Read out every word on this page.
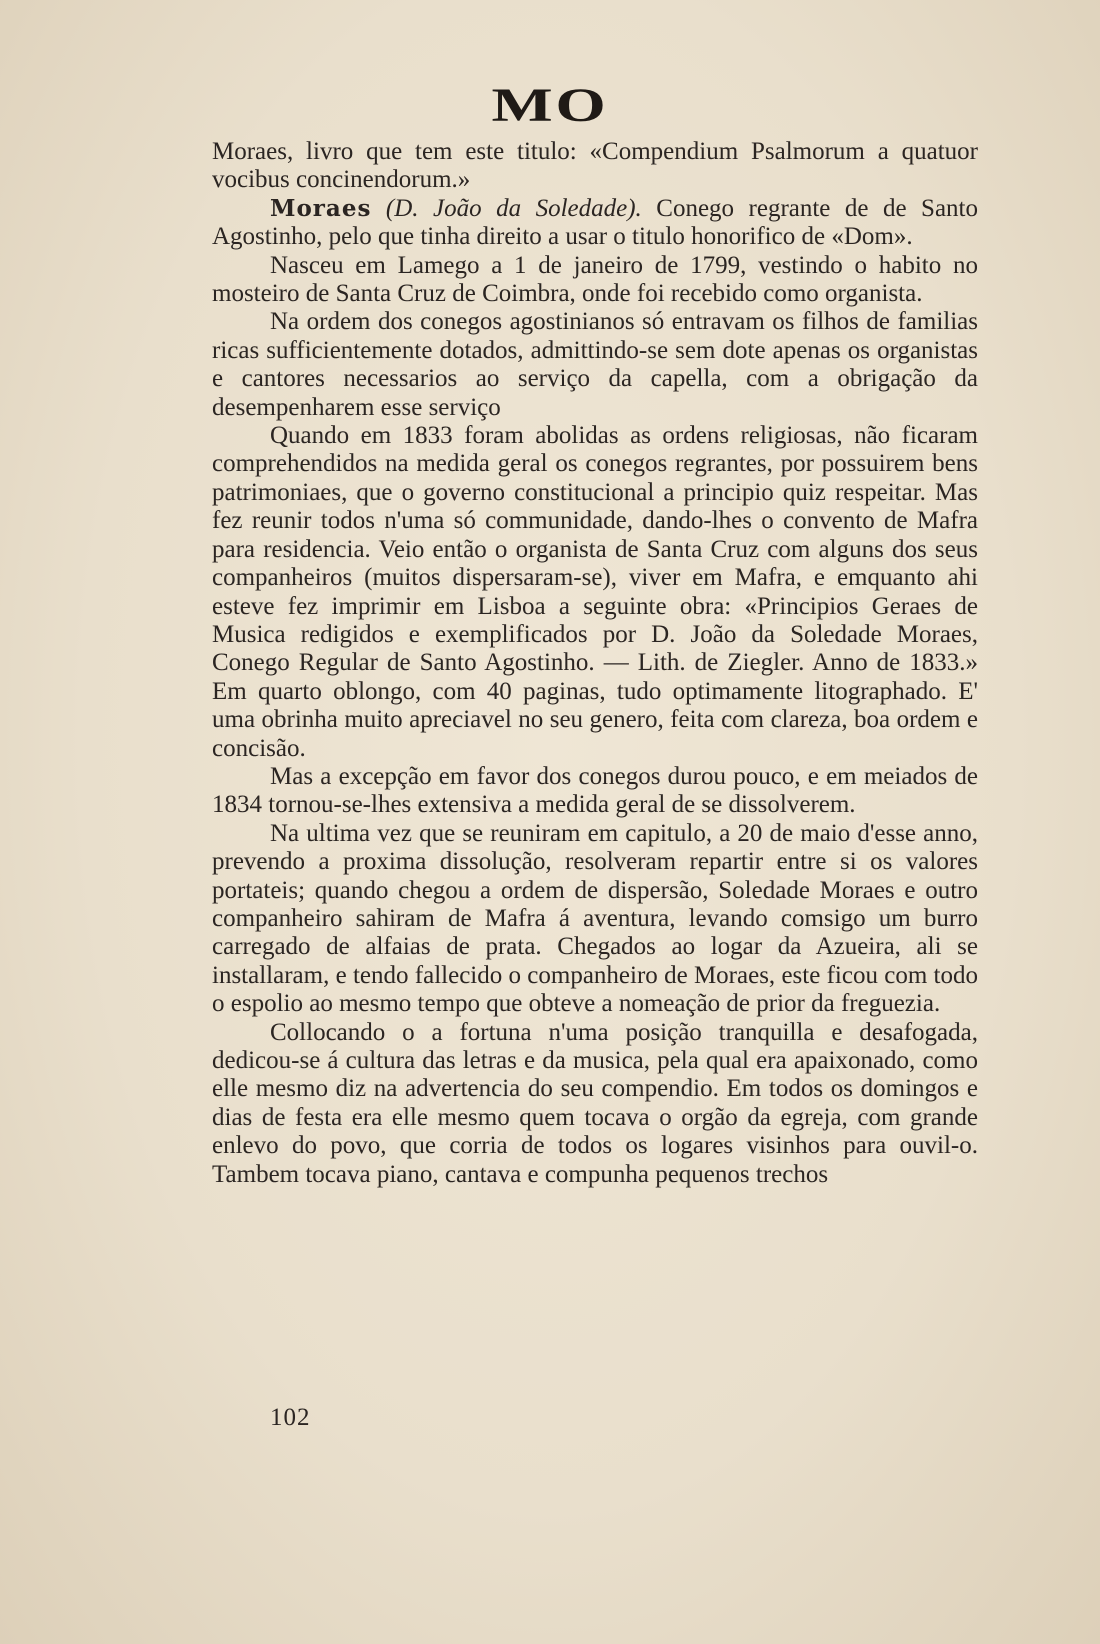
MO

Moraes, livro que tem este titulo: «Compendium Psalmorum a quatuor vocibus concinendorum.»

Moraes (D. João da Soledade). Conego regrante de de Santo Agostinho, pelo que tinha direito a usar o titulo honorifico de «Dom».

Nasceu em Lamego a 1 de janeiro de 1799, vestindo o habito no mosteiro de Santa Cruz de Coimbra, onde foi recebido como organista.

Na ordem dos conegos agostinianos só entravam os filhos de familias ricas sufficientemente dotados, admittindo-se sem dote apenas os organistas e cantores necessarios ao serviço da capella, com a obrigação da desempenharem esse serviço

Quando em 1833 foram abolidas as ordens religiosas, não ficaram comprehendidos na medida geral os conegos regrantes, por possuirem bens patrimoniaes, que o governo constitucional a principio quiz respeitar. Mas fez reunir todos n'uma só communidade, dando-lhes o convento de Mafra para residencia. Veio então o organista de Santa Cruz com alguns dos seus companheiros (muitos dispersaram-se), viver em Mafra, e emquanto ahi esteve fez imprimir em Lisboa a seguinte obra: «Principios Geraes de Musica redigidos e exemplificados por D. João da Soledade Moraes, Conego Regular de Santo Agostinho. — Lith. de Ziegler. Anno de 1833.» Em quarto oblongo, com 40 paginas, tudo optimamente litographado. E' uma obrinha muito apreciavel no seu genero, feita com clareza, boa ordem e concisão.

Mas a excepção em favor dos conegos durou pouco, e em meiados de 1834 tornou-se-lhes extensiva a medida geral de se dissolverem.

Na ultima vez que se reuniram em capitulo, a 20 de maio d'esse anno, prevendo a proxima dissolução, resolveram repartir entre si os valores portateis; quando chegou a ordem de dispersão, Soledade Moraes e outro companheiro sahiram de Mafra á aventura, levando comsigo um burro carregado de alfaias de prata. Chegados ao logar da Azueira, ali se installaram, e tendo fallecido o companheiro de Moraes, este ficou com todo o espolio ao mesmo tempo que obteve a nomeação de prior da freguezia.

Collocando o a fortuna n'uma posição tranquilla e desafogada, dedicou-se á cultura das letras e da musica, pela qual era apaixonado, como elle mesmo diz na advertencia do seu compendio. Em todos os domingos e dias de festa era elle mesmo quem tocava o orgão da egreja, com grande enlevo do povo, que corria de todos os logares visinhos para ouvil-o. Tambem tocava piano, cantava e compunha pequenos trechos

102
